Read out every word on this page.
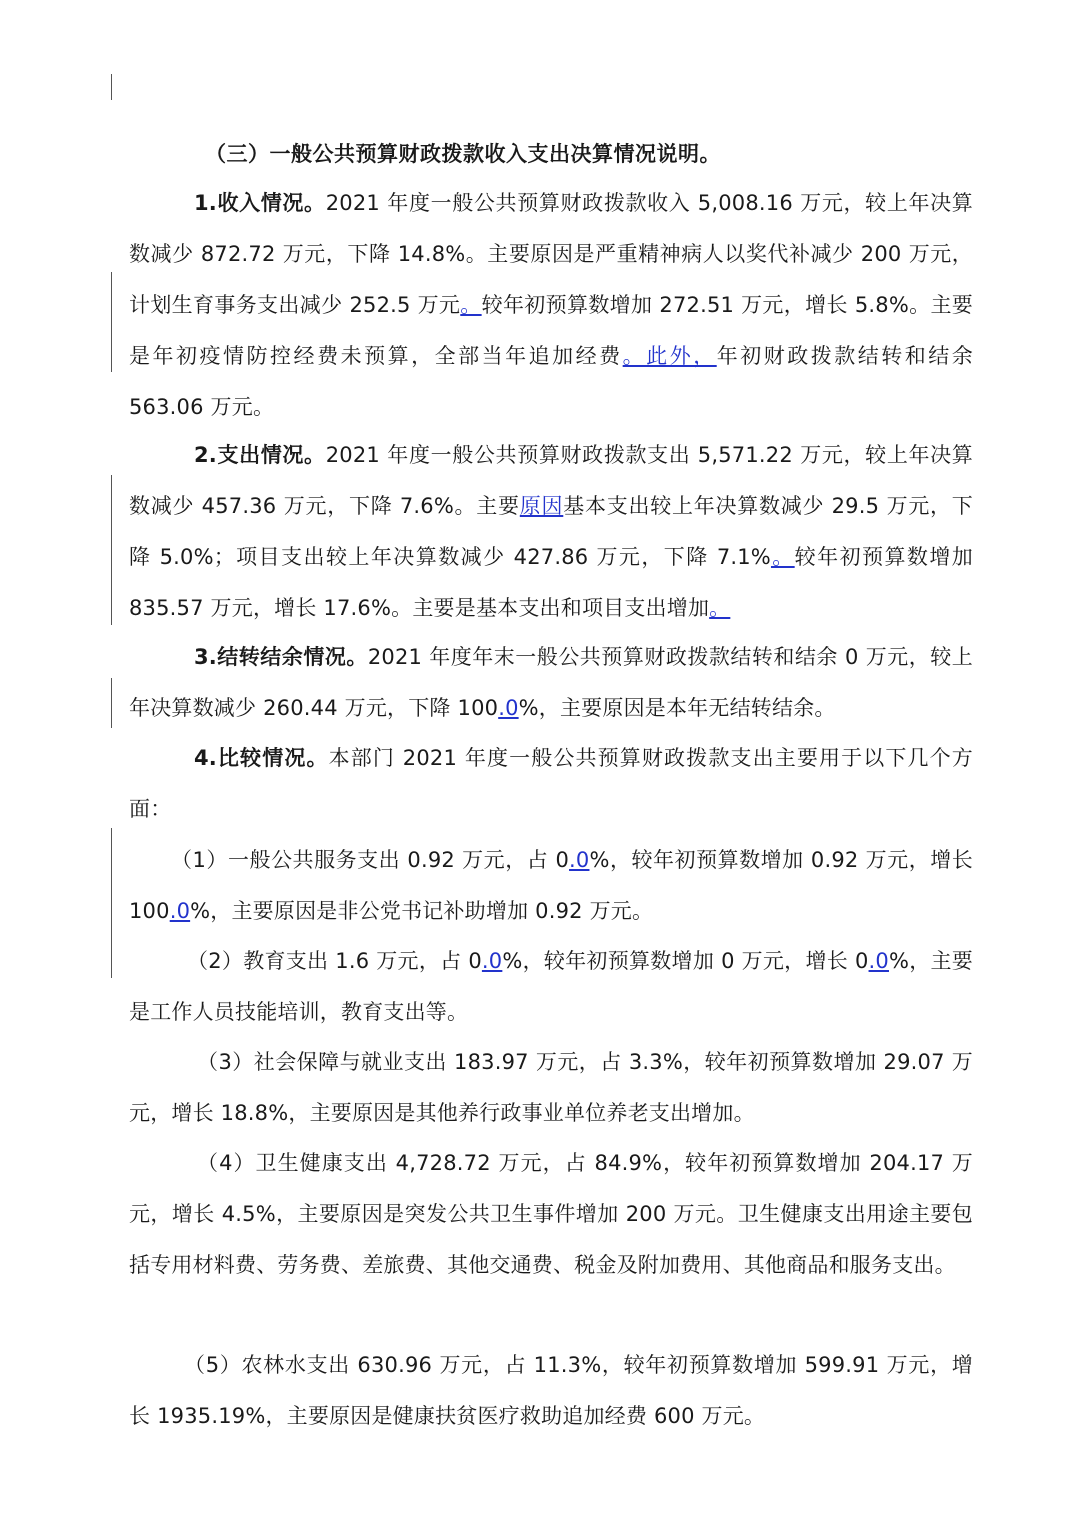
（三）一般公共预算财政拨款收入支出决算情况说明。
1.收入情况。2021 年度一般公共预算财政拨款收入 5,008.16 万元，较上年决算数减少 872.72 万元，下降 14.8%。主要原因是严重精神病人以奖代补减少 200 万元，计划生育事务支出减少 252.5 万元。较年初预算数增加 272.51 万元，增长 5.8%。主要是年初疫情防控经费未预算，全部当年追加经费。此外，年初财政拨款结转和结余 563.06 万元。
2.支出情况。2021 年度一般公共预算财政拨款支出 5,571.22 万元，较上年决算数减少 457.36 万元，下降 7.6%。主要原因基本支出较上年决算数减少 29.5 万元，下降 5.0%；项目支出较上年决算数减少 427.86 万元，下降 7.1%。较年初预算数增加 835.57 万元，增长 17.6%。主要是基本支出和项目支出增加。
3.结转结余情况。2021 年度年末一般公共预算财政拨款结转和结余 0 万元，较上年决算数减少 260.44 万元，下降 100.0%，主要原因是本年无结转结余。
4.比较情况。本部门 2021 年度一般公共预算财政拨款支出主要用于以下几个方面：
（1）一般公共服务支出 0.92 万元，占 0.0%，较年初预算数增加 0.92 万元，增长 100.0%，主要原因是非公党书记补助增加 0.92 万元。
（2）教育支出 1.6 万元，占 0.0%，较年初预算数增加 0 万元，增长 0.0%，主要是工作人员技能培训，教育支出等。
（3）社会保障与就业支出 183.97 万元，占 3.3%，较年初预算数增加 29.07 万元，增长 18.8%，主要原因是其他养行政事业单位养老支出增加。
（4）卫生健康支出 4,728.72 万元，占 84.9%，较年初预算数增加 204.17 万元，增长 4.5%，主要原因是突发公共卫生事件增加 200 万元。卫生健康支出用途主要包括专用材料费、劳务费、差旅费、其他交通费、税金及附加费用、其他商品和服务支出。
（5）农林水支出 630.96 万元，占 11.3%，较年初预算数增加 599.91 万元，增长 1935.19%，主要原因是健康扶贫医疗救助追加经费 600 万元。
